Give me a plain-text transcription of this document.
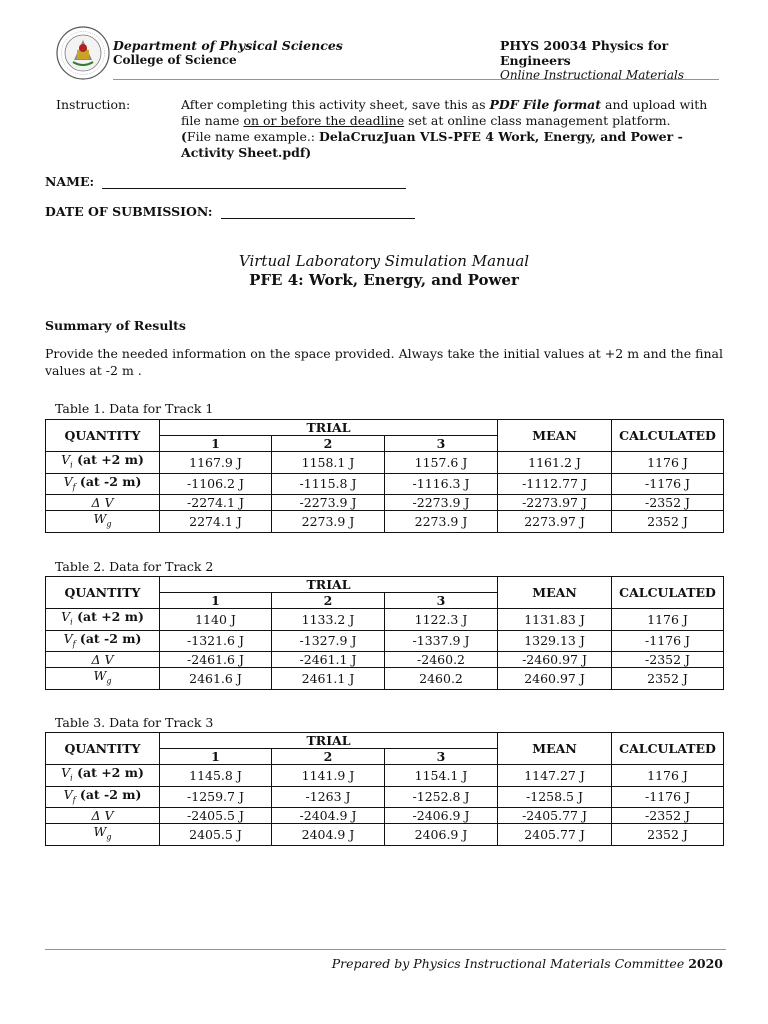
Department of Physical Sciences
College of Science
PHYS 20034 Physics for Engineers
Online Instructional Materials
Instruction:	After completing this activity sheet, save this as PDF File format and upload with file name on or before the deadline set at online class management platform.
(File name example.: DelaCruzJuan VLS-PFE 4 Work, Energy, and Power - Activity Sheet.pdf)
NAME:
DATE OF SUBMISSION:
Virtual Laboratory Simulation Manual
PFE 4: Work, Energy, and Power
Summary of Results
Provide the needed information on the space provided. Always take the initial values at +2 m and the final values at -2 m .
Table 1. Data for Track 1
QUANTITY	TRIAL			MEAN	CALCULATED
	1	2	3		
$V_i$ (at +2 m)	1167.9 J	1158.1 J	1157.6 J	1161.2 J	1176 J
$V_f$ (at -2 m)	-1106.2 J	-1115.8 J	-1116.3 J	-1112.77 J	-1176 J
Δ V	-2274.1 J	-2273.9 J	-2273.9 J	-2273.97 J	-2352 J
$W_g$	2274.1 J	2273.9 J	2273.9 J	2273.97 J	2352 J
Table 2. Data for Track 2
QUANTITY	TRIAL			MEAN	CALCULATED
	1	2	3		
$V_i$ (at +2 m)	1140 J	1133.2 J	1122.3 J	1131.83 J	1176 J
$V_f$ (at -2 m)	-1321.6 J	-1327.9 J	-1337.9 J	1329.13 J	-1176 J
Δ V	-2461.6 J	-2461.1 J	-2460.2	-2460.97 J	-2352 J
$W_g$	2461.6 J	2461.1 J	2460.2	2460.97 J	2352 J
Table 3. Data for Track 3
QUANTITY	TRIAL			MEAN	CALCULATED
	1	2	3		
$V_i$ (at +2 m)	1145.8 J	1141.9 J	1154.1 J	1147.27 J	1176 J
$V_f$ (at -2 m)	-1259.7 J	-1263 J	-1252.8 J	-1258.5 J	-1176 J
Δ V	-2405.5 J	-2404.9 J	-2406.9 J	-2405.77 J	-2352 J
$W_g$	2405.5 J	2404.9 J	2406.9 J	2405.77 J	2352 J
Prepared by Physics Instructional Materials Committee 2020
